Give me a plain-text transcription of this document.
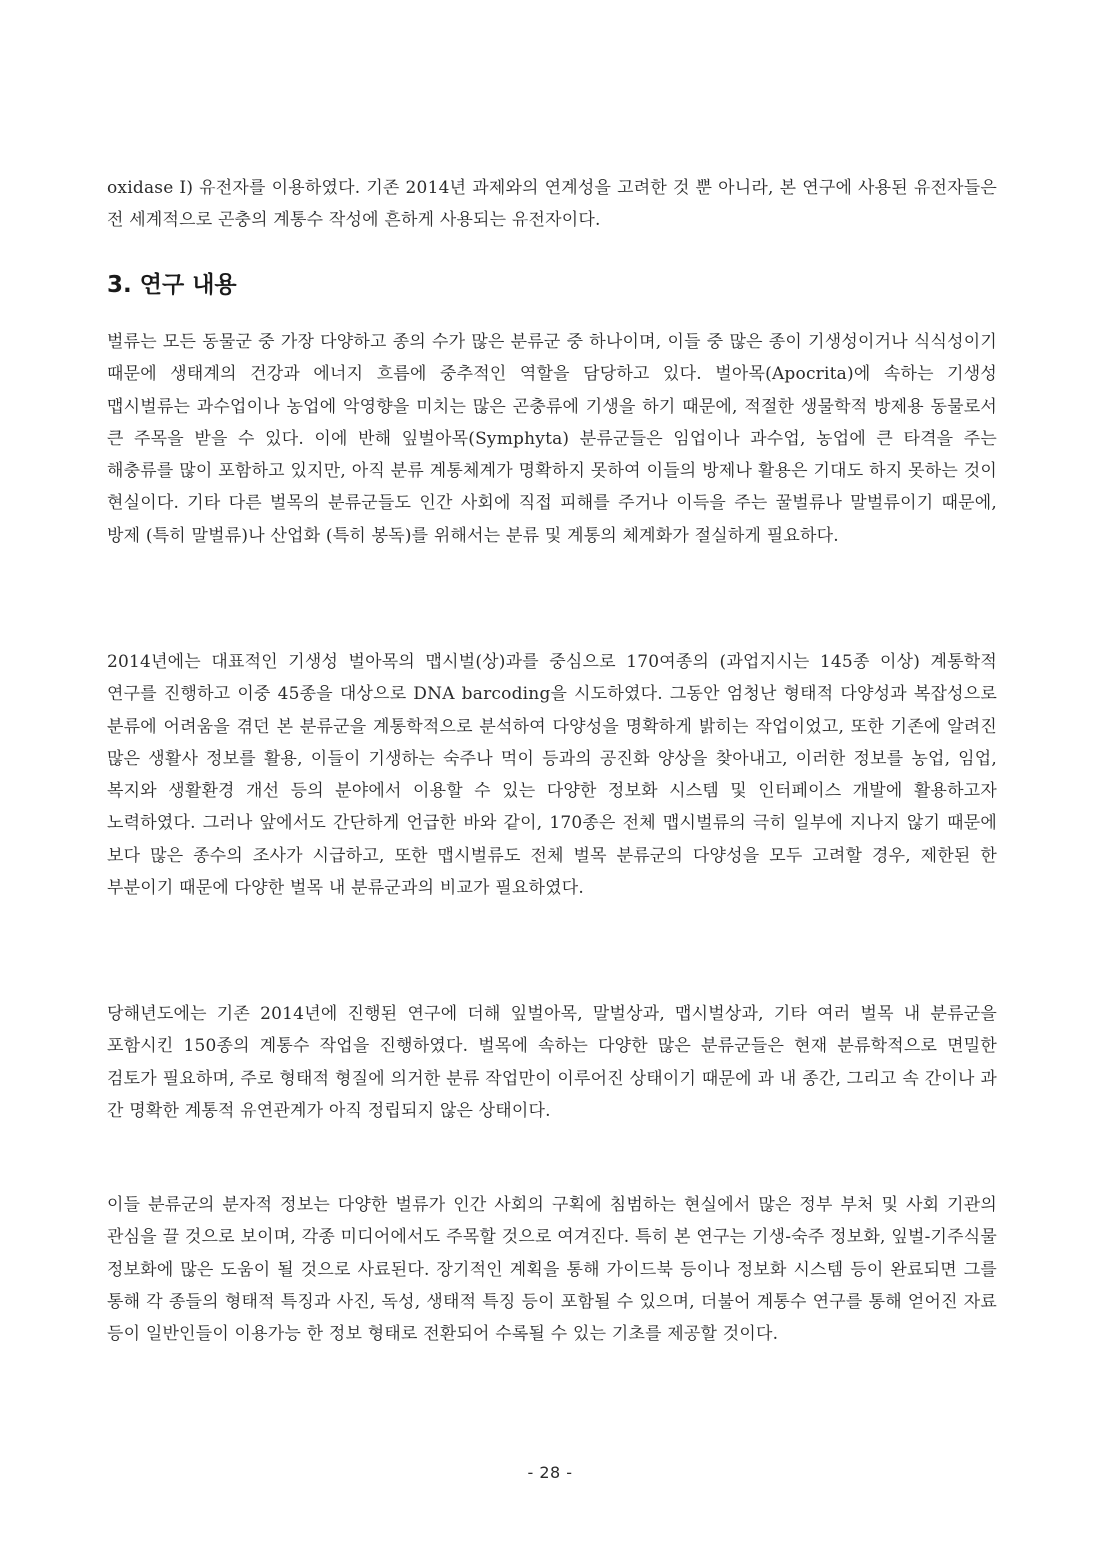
oxidase I) 유전자를 이용하였다. 기존 2014년 과제와의 연계성을 고려한 것 뿐 아니라, 본 연구에 사용된 유전자들은 전 세계적으로 곤충의 계통수 작성에 흔하게 사용되는 유전자이다.

3. 연구 내용

벌류는 모든 동물군 중 가장 다양하고 종의 수가 많은 분류군 중 하나이며, 이들 중 많은 종이 기생성이거나 식식성이기 때문에 생태계의 건강과 에너지 흐름에 중추적인 역할을 담당하고 있다. 벌아목(Apocrita)에 속하는 기생성 맵시벌류는 과수업이나 농업에 악영향을 미치는 많은 곤충류에 기생을 하기 때문에, 적절한 생물학적 방제용 동물로서 큰 주목을 받을 수 있다. 이에 반해 잎벌아목(Symphyta) 분류군들은 임업이나 과수업, 농업에 큰 타격을 주는 해충류를 많이 포함하고 있지만, 아직 분류 계통체계가 명확하지 못하여 이들의 방제나 활용은 기대도 하지 못하는 것이 현실이다. 기타 다른 벌목의 분류군들도 인간 사회에 직접 피해를 주거나 이득을 주는 꿀벌류나 말벌류이기 때문에, 방제 (특히 말벌류)나 산업화 (특히 봉독)를 위해서는 분류 및 계통의 체계화가 절실하게 필요하다.

2014년에는 대표적인 기생성 벌아목의 맵시벌(상)과를 중심으로 170여종의 (과업지시는 145종 이상) 계통학적 연구를 진행하고 이중 45종을 대상으로 DNA barcoding을 시도하였다. 그동안 엄청난 형태적 다양성과 복잡성으로 분류에 어려움을 겪던 본 분류군을 계통학적으로 분석하여 다양성을 명확하게 밝히는 작업이었고, 또한 기존에 알려진 많은 생활사 정보를 활용, 이들이 기생하는 숙주나 먹이 등과의 공진화 양상을 찾아내고, 이러한 정보를 농업, 임업, 복지와 생활환경 개선 등의 분야에서 이용할 수 있는 다양한 정보화 시스템 및 인터페이스 개발에 활용하고자 노력하였다. 그러나 앞에서도 간단하게 언급한 바와 같이, 170종은 전체 맵시벌류의 극히 일부에 지나지 않기 때문에 보다 많은 종수의 조사가 시급하고, 또한 맵시벌류도 전체 벌목 분류군의 다양성을 모두 고려할 경우, 제한된 한 부분이기 때문에 다양한 벌목 내 분류군과의 비교가 필요하였다.

당해년도에는 기존 2014년에 진행된 연구에 더해 잎벌아목, 말벌상과, 맵시벌상과, 기타 여러 벌목 내 분류군을 포함시킨 150종의 계통수 작업을 진행하였다. 벌목에 속하는 다양한 많은 분류군들은 현재 분류학적으로 면밀한 검토가 필요하며, 주로 형태적 형질에 의거한 분류 작업만이 이루어진 상태이기 때문에 과 내 종간, 그리고 속 간이나 과 간 명확한 계통적 유연관계가 아직 정립되지 않은 상태이다.

이들 분류군의 분자적 정보는 다양한 벌류가 인간 사회의 구획에 침범하는 현실에서 많은 정부 부처 및 사회 기관의 관심을 끌 것으로 보이며, 각종 미디어에서도 주목할 것으로 여겨진다. 특히 본 연구는 기생-숙주 정보화, 잎벌-기주식물 정보화에 많은 도움이 될 것으로 사료된다. 장기적인 계획을 통해 가이드북 등이나 정보화 시스템 등이 완료되면 그를 통해 각 종들의 형태적 특징과 사진, 독성, 생태적 특징 등이 포함될 수 있으며, 더불어 계통수 연구를 통해 얻어진 자료 등이 일반인들이 이용가능 한 정보 형태로 전환되어 수록될 수 있는 기초를 제공할 것이다.

- 28 -
